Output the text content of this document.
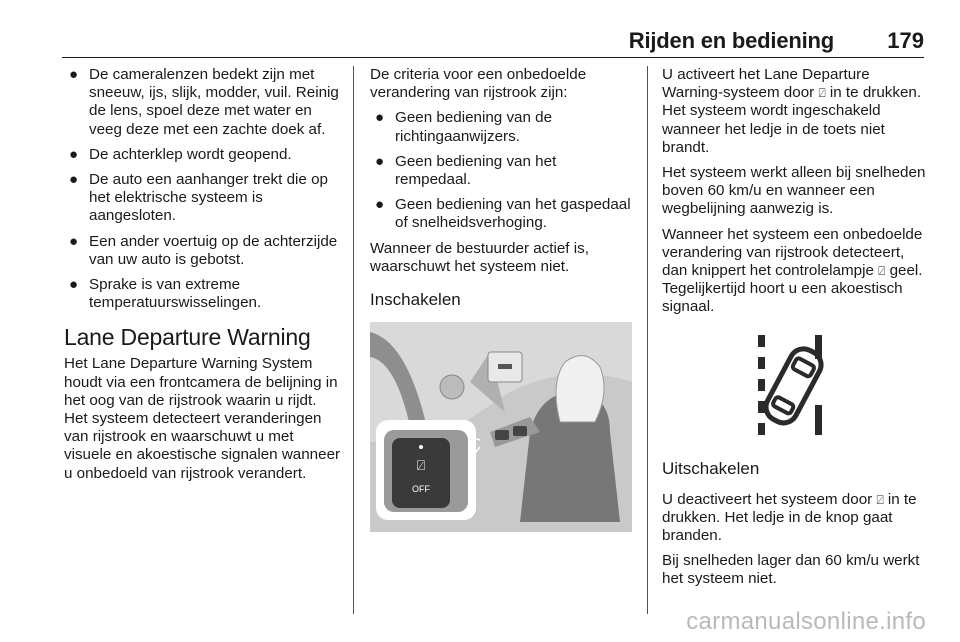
Rijden en bediening 179
● De cameralenzen bedekt zijn met sneeuw, ijs, slijk, modder, vuil. Reinig de lens, spoel deze met water en veeg deze met een zachte doek af.
● De achterklep wordt geopend.
● De auto een aanhanger trekt die op het elektrische systeem is aangesloten.
● Een ander voertuig op de achterzijde van uw auto is gebotst.
● Sprake is van extreme temperatuurswisselingen.
Lane Departure Warning

Het Lane Departure Warning System houdt via een frontcamera de belijning in het oog van de rijstrook waarin u rijdt. Het systeem detecteert veranderingen van rijstrook en waarschuwt u met visuele en akoestische signalen wanneer u onbedoeld van rijstrook verandert.

De criteria voor een onbedoelde verandering van rijstrook zijn:

● Geen bediening van de richtingaanwijzers.
● Geen bediening van het rempedaal.
● Geen bediening van het gaspedaal of snelheidsverhoging.

Wanneer de bestuurder actief is, waarschuwt het systeem niet.

Inschakelen
⍁
OFF

U activeert het Lane Departure Warning-systeem door ⍁ in te drukken. Het systeem wordt ingeschakeld wanneer het ledje in de toets niet brandt.

Het systeem werkt alleen bij snelheden boven 60 km/u en wanneer een wegbelijning aanwezig is.

Wanneer het systeem een onbedoelde verandering van rijstrook detecteert, dan knippert het controlelampje ⍁ geel. Tegelijkertijd hoort u een akoestisch signaal.

Uitschakelen

U deactiveert het systeem door ⍁ in te drukken. Het ledje in de knop gaat branden.

Bij snelheden lager dan 60 km/u werkt het systeem niet.

carmanualsonline.info
